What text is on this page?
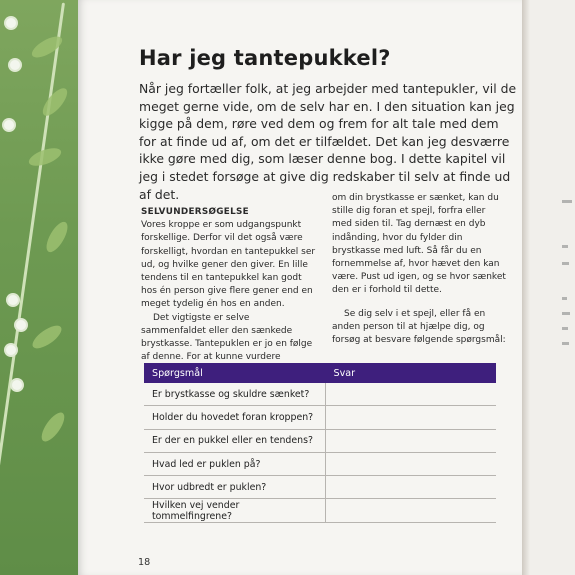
Har jeg tantepukkel?

Når jeg fortæller folk, at jeg arbejder med tantepukler, vil de meget gerne vide, om de selv har en. I den situation kan jeg kigge på dem, røre ved dem og frem for alt tale med dem for at finde ud af, om det er tilfældet. Det kan jeg desværre ikke gøre med dig, som læser denne bog. I dette kapitel vil jeg i stedet forsøge at give dig redskaber til selv at finde ud af det.

SELVUNDERSØGELSE

Vores kroppe er som udgangspunkt forskellige. Derfor vil det også være forskelligt, hvordan en tantepukkel ser ud, og hvilke gener den giver. En lille tendens til en tantepukkel kan godt hos én person give flere gener end en meget tydelig én hos en anden.

Det vigtigste er selve sammenfaldet eller den sænkede brystkasse. Tantepuklen er jo en følge af denne. For at kunne vurdere

om din brystkasse er sænket, kan du stille dig foran et spejl, forfra eller med siden til. Tag dernæst en dyb indånding, hvor du fylder din brystkasse med luft. Så får du en fornemmelse af, hvor hævet den kan være. Pust ud igen, og se hvor sænket den er i forhold til dette.

Se dig selv i et spejl, eller få en anden person til at hjælpe dig, og forsøg at besvare følgende spørgsmål:

Spørgsmål	Svar
Er brystkasse og skuldre sænket?	
Holder du hovedet foran kroppen?	
Er der en pukkel eller en tendens?	
Hvad led er puklen på?	
Hvor udbredt er puklen?	
Hvilken vej vender tommelfingrene?	
18
